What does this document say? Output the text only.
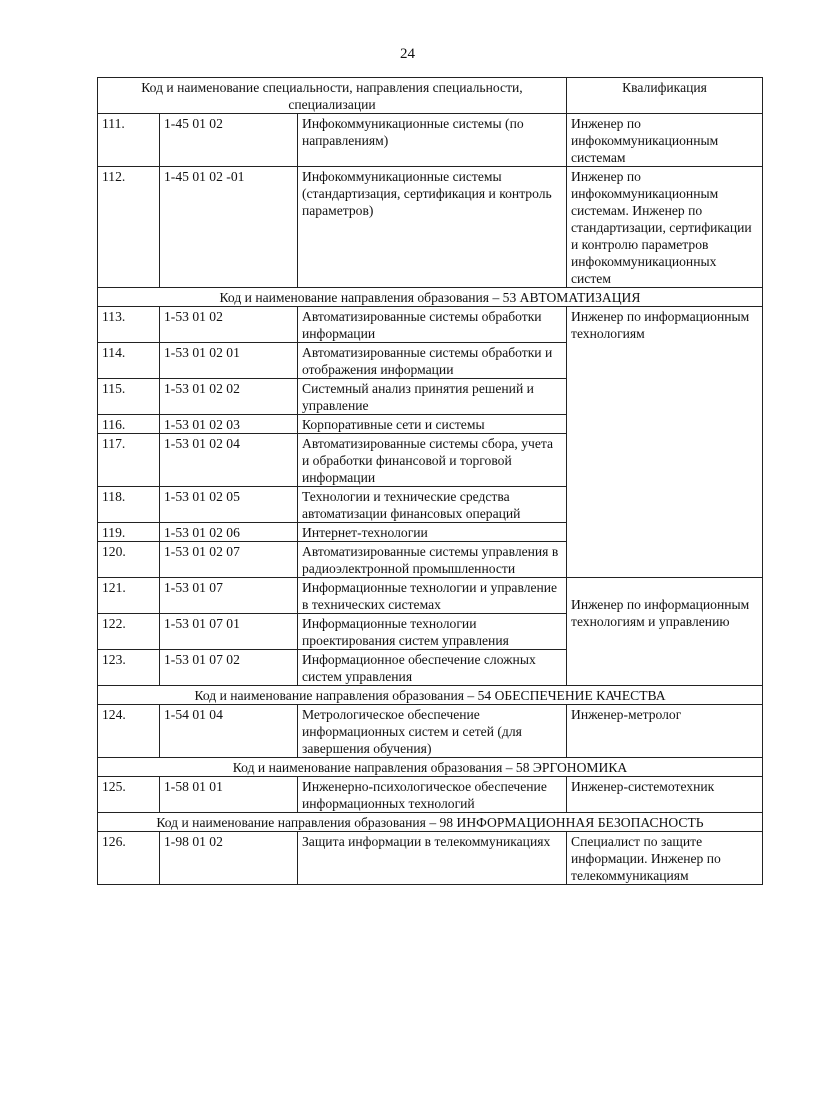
24
Код и наименование специальности, направления специальности, специализации			Квалификация
111.	1-45 01 02	Инфокоммуникационные системы (по направлениям)	Инженер по инфокоммуникационным системам
112.	1-45 01 02 -01	Инфокоммуникационные системы (стандартизация, сертификация и контроль параметров)	Инженер по инфокоммуникационным системам. Инженер по стандартизации, сертификации и контролю параметров инфокоммуникационных систем
Код и наименование направления образования – 53 АВТОМАТИЗАЦИЯ			
113.	1-53 01 02	Автоматизированные системы обработки информации	Инженер по информационным технологиям
114.	1-53 01 02 01	Автоматизированные системы обработки и отображения информации	
115.	1-53 01 02 02	Системный анализ принятия решений и управление	
116.	1-53 01 02 03	Корпоративные сети и системы	
117.	1-53 01 02 04	Автоматизированные системы сбора, учета и обработки финансовой и торговой информации	
118.	1-53 01 02 05	Технологии и технические средства автоматизации финансовых операций	
119.	1-53 01 02 06	Интернет-технологии	
120.	1-53 01 02 07	Автоматизированные системы управления в радиоэлектронной промышленности	
121.	1-53 01 07	Информационные технологии и управление в технических системах	Инженер по информационным технологиям и управлению
122.	1-53 01 07 01	Информационные технологии проектирования систем управления	
123.	1-53 01 07 02	Информационное обеспечение сложных систем управления	
Код и наименование направления образования – 54 ОБЕСПЕЧЕНИЕ КАЧЕСТВА			
124.	1-54 01 04	Метрологическое обеспечение информационных систем и сетей (для завершения обучения)	Инженер-метролог
Код и наименование направления образования – 58 ЭРГОНОМИКА			
125.	1-58 01 01	Инженерно-психологическое обеспечение информационных технологий	Инженер-системотехник
Код и наименование направления образования – 98 ИНФОРМАЦИОННАЯ БЕЗОПАСНОСТЬ			
126.	1-98 01 02	Защита информации в телекоммуникациях	Специалист по защите информации. Инженер по телекоммуникациям
